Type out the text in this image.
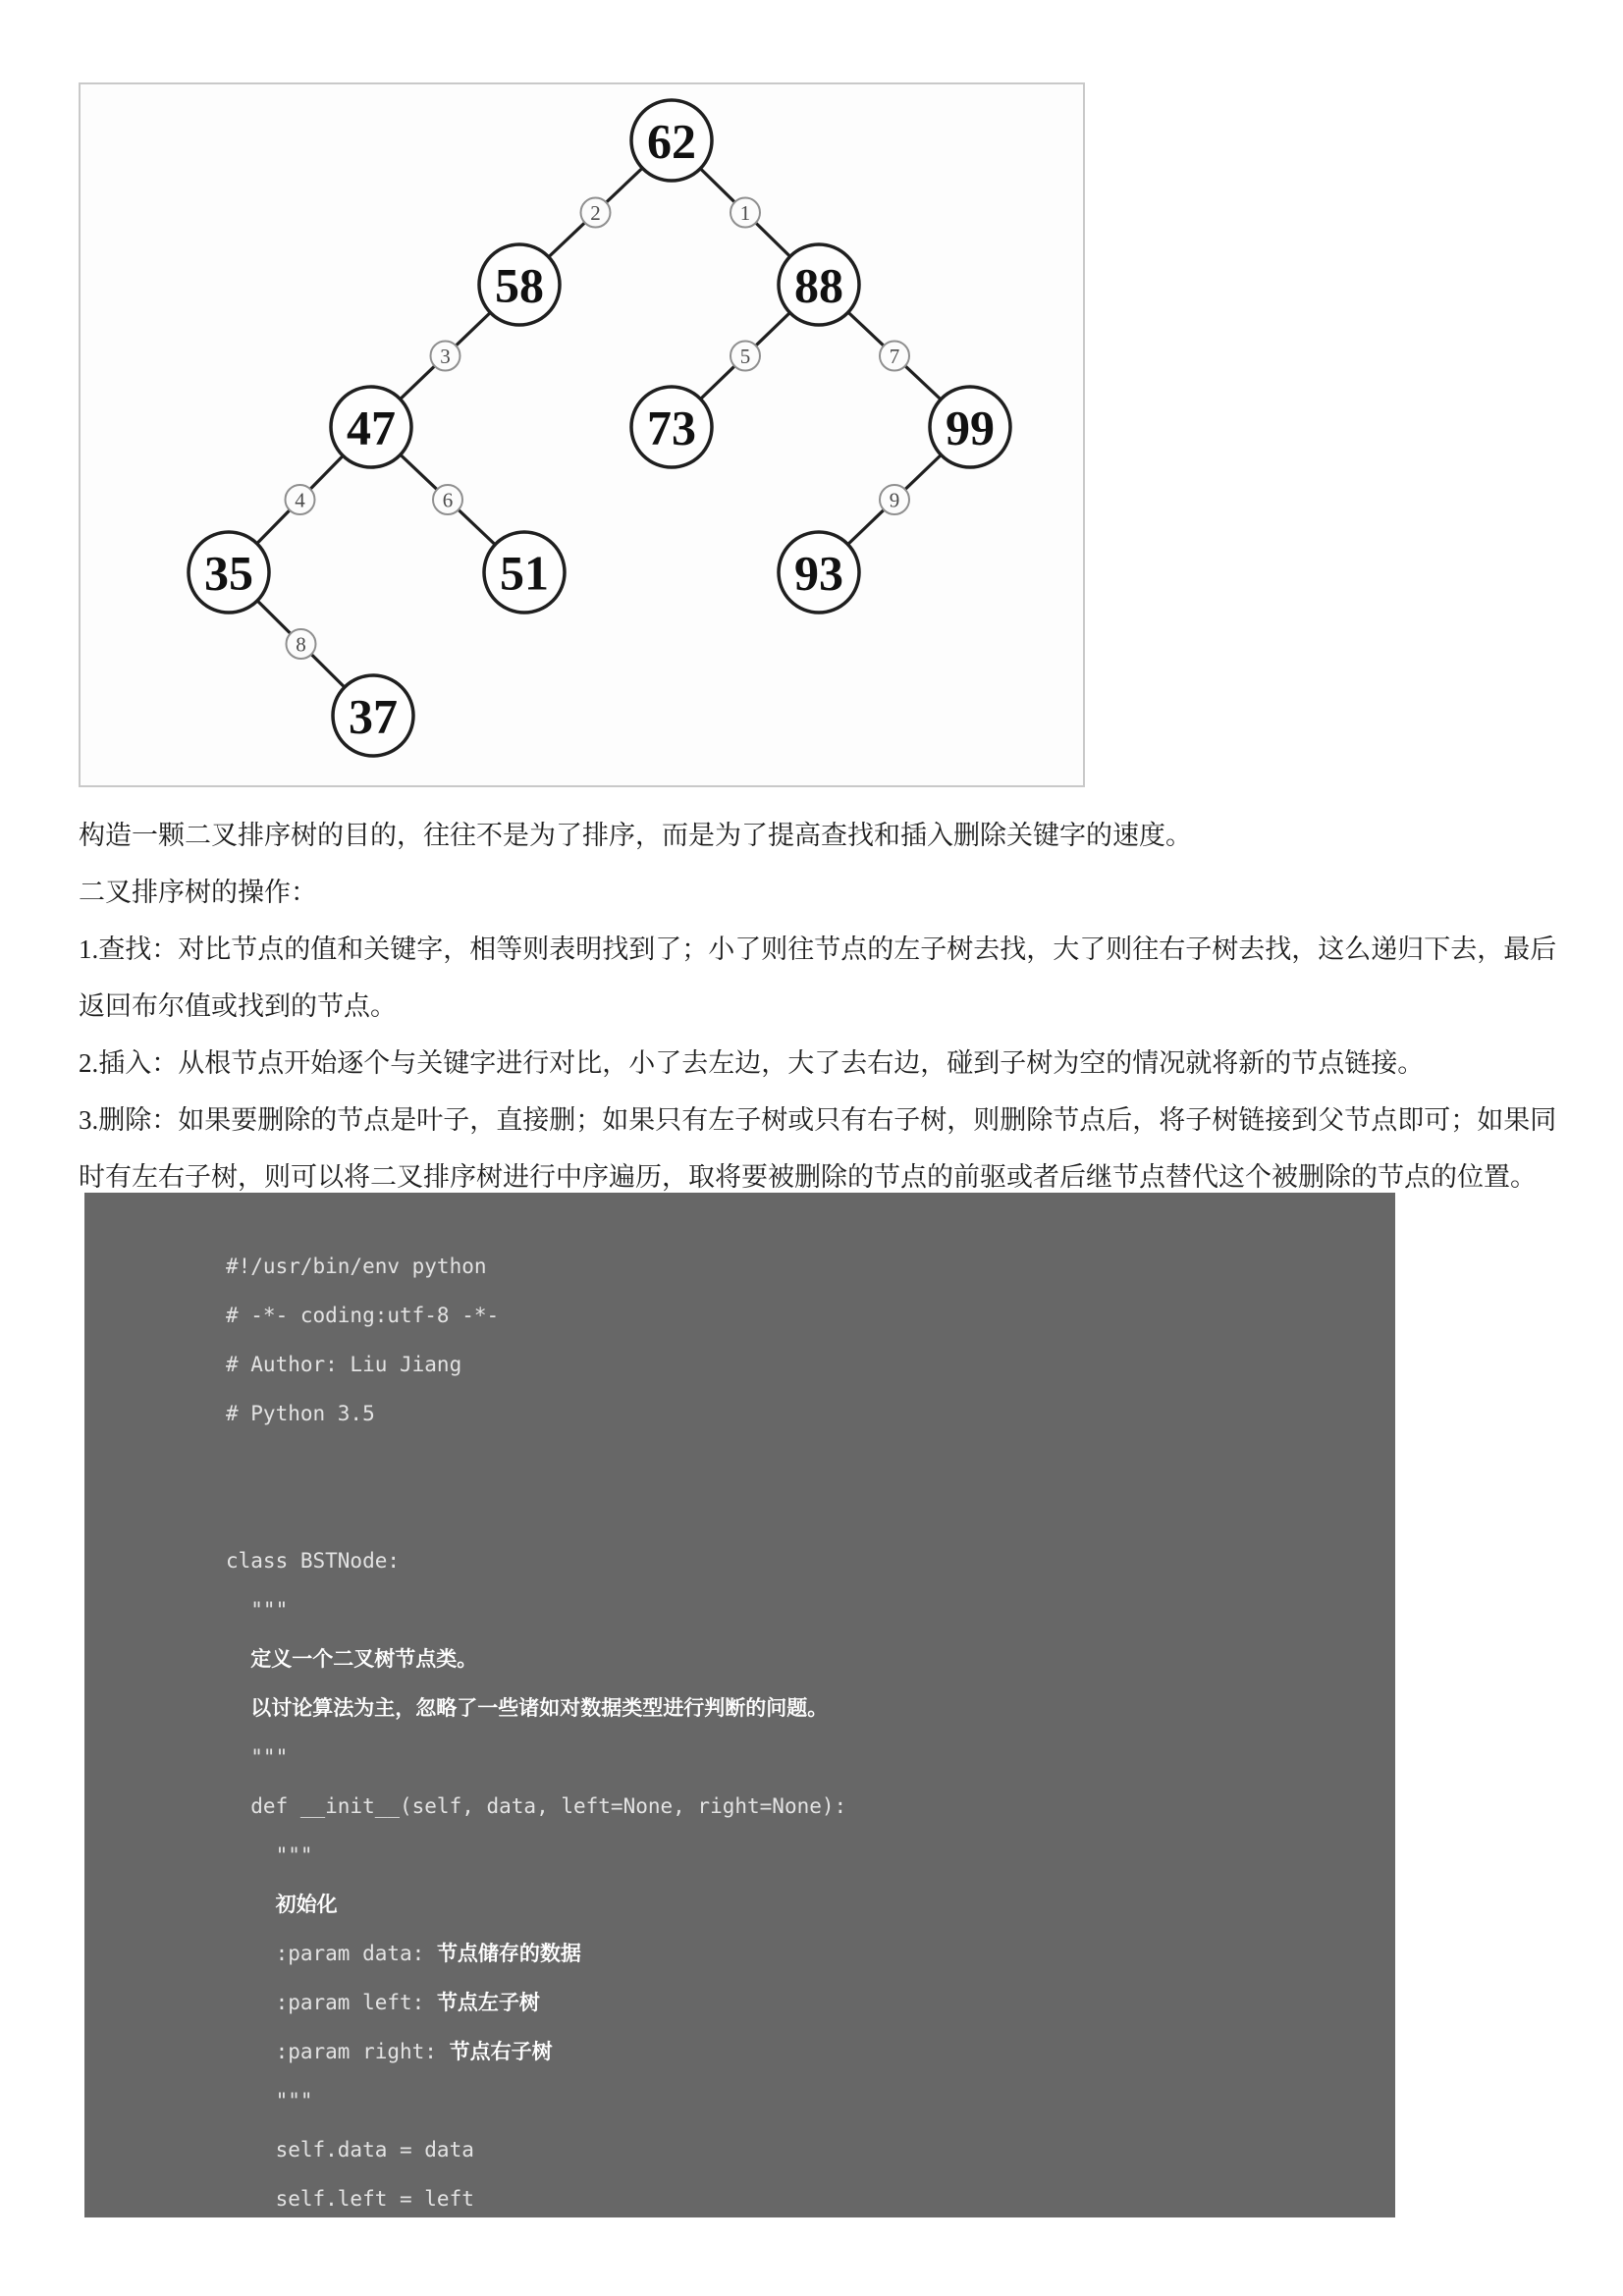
62
58	88
47	73	99
35	51	93
37
1
2
3
4
5
6
7
8
9

构造一颗二叉排序树的目的，往往不是为了排序，而是为了提高查找和插入删除关键字的速度。

二叉排序树的操作：

1.查找：对比节点的值和关键字，相等则表明找到了；小了则往节点的左子树去找，大了则往右子树去找，这么递归下去，最后返回布尔值或找到的节点。

2.插入：从根节点开始逐个与关键字进行对比，小了去左边，大了去右边，碰到子树为空的情况就将新的节点链接。

3.删除：如果要删除的节点是叶子，直接删；如果只有左子树或只有右子树，则删除节点后，将子树链接到父节点即可；如果同时有左右子树，则可以将二叉排序树进行中序遍历，取将要被删除的节点的前驱或者后继节点替代这个被删除的节点的位置。

#!/usr/bin/env python
# -*- coding:utf-8 -*-
# Author: Liu Jiang
# Python 3.5
class BSTNode:
"""
定义一个二叉树节点类。
以讨论算法为主，忽略了一些诸如对数据类型进行判断的问题。
"""
def __init__(self, data, left=None, right=None):
"""
初始化
:param data: 节点储存的数据
:param left: 节点左子树
:param right: 节点右子树
"""
self.data = data
self.left = left
